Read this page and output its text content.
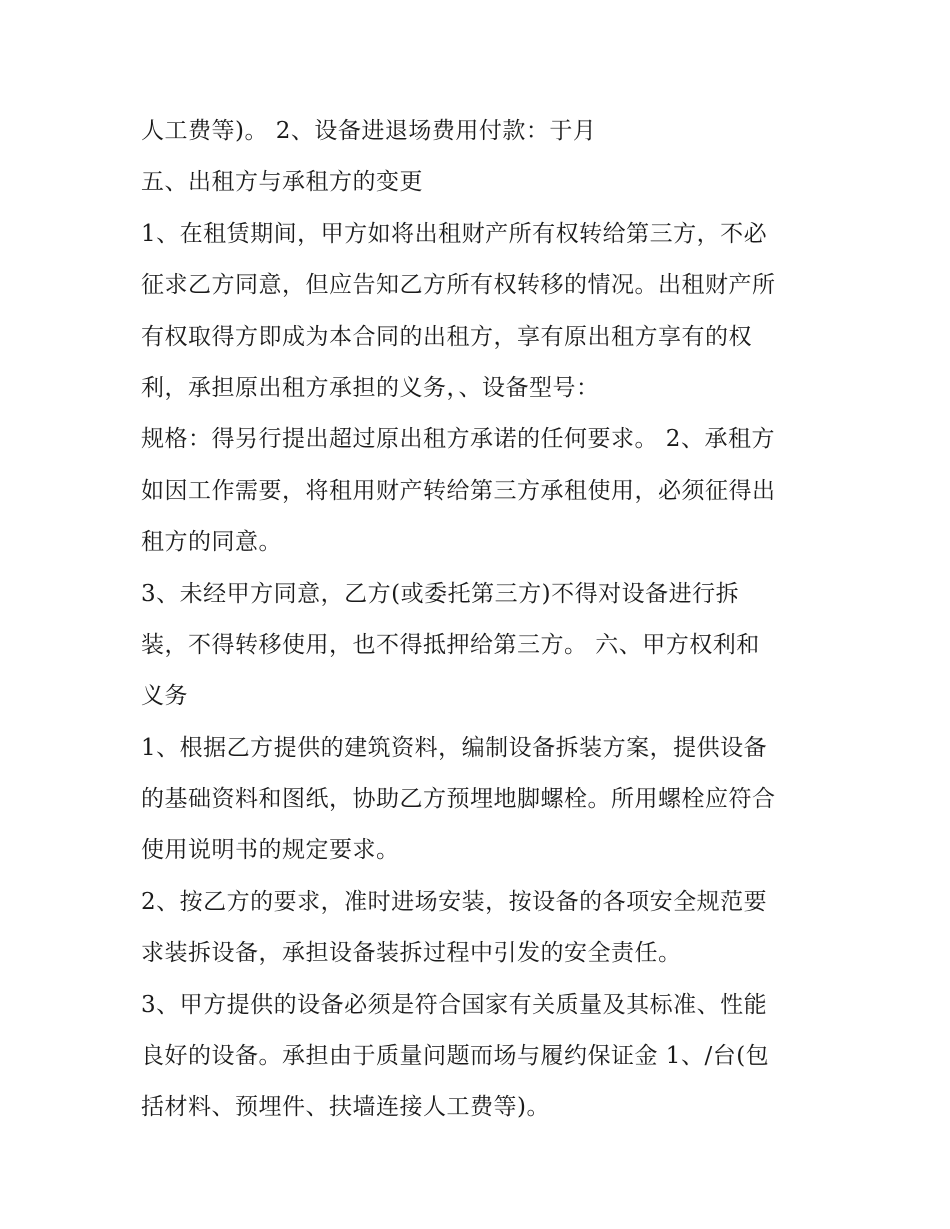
人工费等)。 2、设备进退场费用付款：于月
五、出租方与承租方的变更
1、在租赁期间，甲方如将出租财产所有权转给第三方，不必
征求乙方同意，但应告知乙方所有权转移的情况。出租财产所
有权取得方即成为本合同的出租方，享有原出租方享有的权
利，承担原出租方承担的义务，、设备型号：
规格：得另行提出超过原出租方承诺的任何要求。 2、承租方
如因工作需要，将租用财产转给第三方承租使用，必须征得出
租方的同意。
3、未经甲方同意，乙方(或委托第三方)不得对设备进行拆
装，不得转移使用，也不得抵押给第三方。 六、甲方权利和
义务
1、根据乙方提供的建筑资料，编制设备拆装方案，提供设备
的基础资料和图纸，协助乙方预埋地脚螺栓。所用螺栓应符合
使用说明书的规定要求。
2、按乙方的要求，准时进场安装，按设备的各项安全规范要
求装拆设备，承担设备装拆过程中引发的安全责任。
3、甲方提供的设备必须是符合国家有关质量及其标准、性能
良好的设备。承担由于质量问题而场与履约保证金 1、/台(包
括材料、预埋件、扶墙连接人工费等)。
